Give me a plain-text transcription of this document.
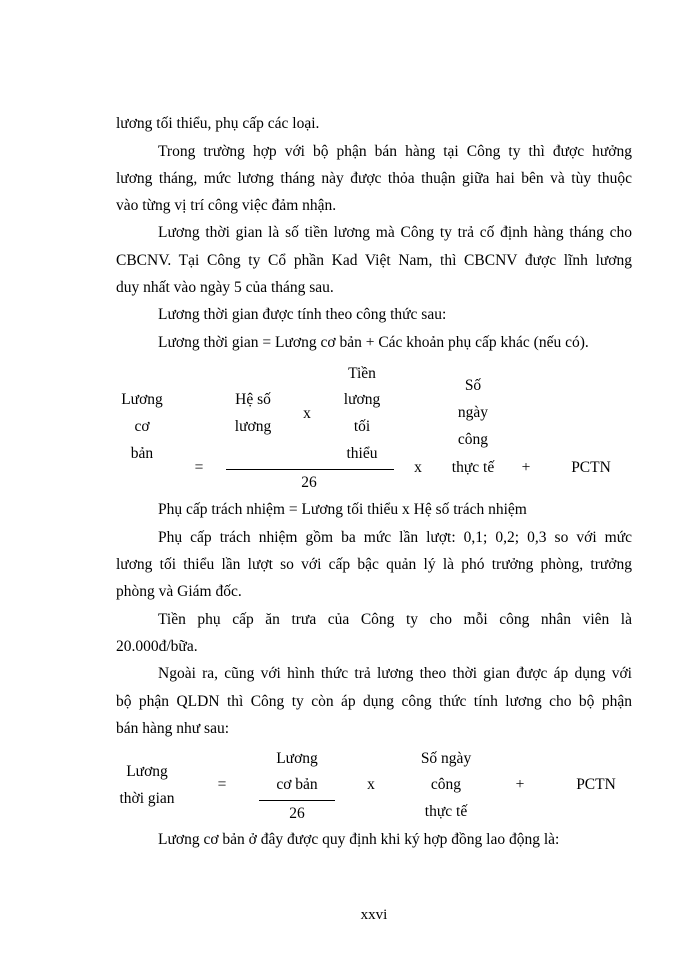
lương tối thiểu, phụ cấp các loại.
Trong trường hợp với bộ phận bán hàng tại Công ty thì được hưởng
lương tháng, mức lương tháng này được thỏa thuận giữa hai bên và tùy thuộc
vào từng vị trí công việc đảm nhận.
Lương thời gian là số tiền lương mà Công ty trả cố định hàng tháng cho
CBCNV. Tại Công ty Cổ phần Kad Việt Nam, thì CBCNV được lĩnh lương
duy nhất vào ngày 5 của tháng sau.
Lương thời gian được tính theo công thức sau:
Lương thời gian = Lương cơ bản + Các khoản phụ cấp khác (nếu có).
Lương
cơ
bản
=
Hệ số
lương
x
Tiền
lương
tối
thiểu
26
x
Số
ngày
công
thực tế +	PCTN
Phụ cấp trách nhiệm = Lương tối thiểu x Hệ số trách nhiệm
Phụ cấp trách nhiệm gồm ba mức lần lượt: 0,1; 0,2; 0,3 so với mức
lương tối thiểu lần lượt so với cấp bậc quản lý là phó trưởng phòng, trưởng
phòng và Giám đốc.
Tiền phụ cấp ăn trưa của Công ty cho mỗi công nhân viên là
20.000đ/bữa.
Ngoài ra, cũng với hình thức trả lương theo thời gian được áp dụng với
bộ phận QLDN thì Công ty còn áp dụng công thức tính lương cho bộ phận
bán hàng như sau:
Lương
thời gian
=
Lương
cơ bản
26
x
Số ngày
công
thực tế
+	PCTN
Lương cơ bản ở đây được quy định khi ký hợp đồng lao động là:
xxvi
